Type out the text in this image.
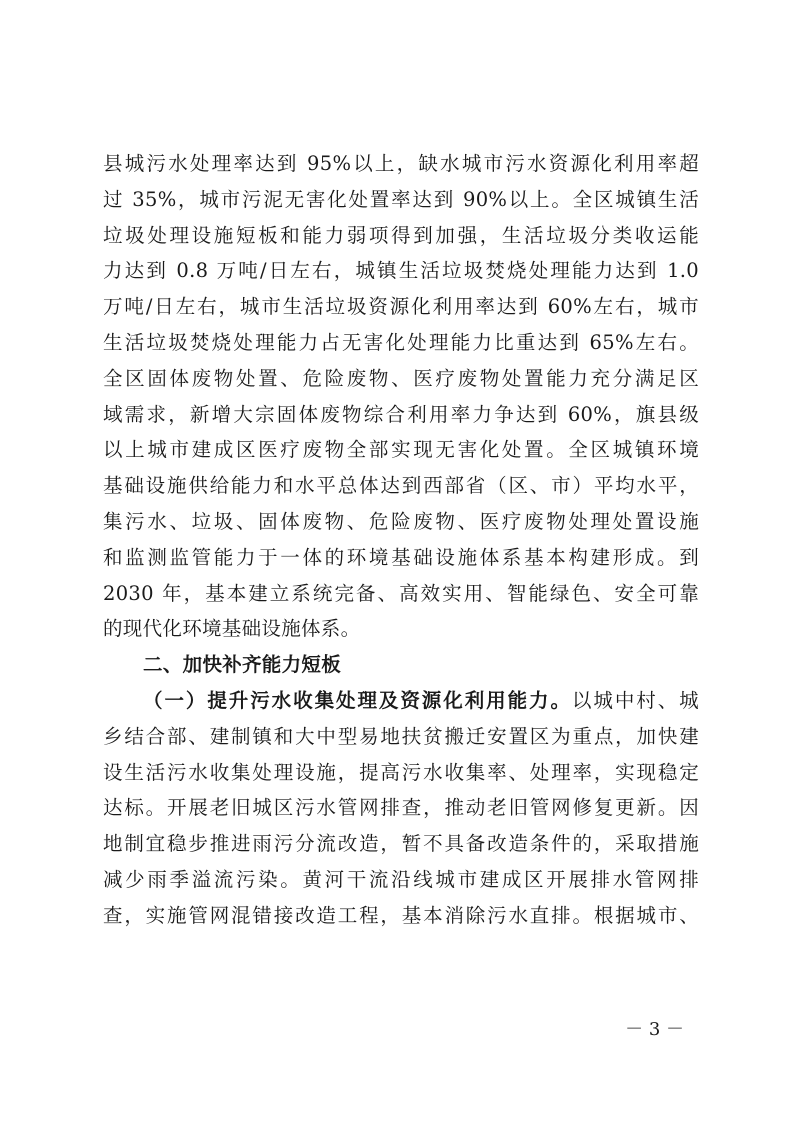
县城污水处理率达到 95%以上，缺水城市污水资源化利用率超
过 35%，城市污泥无害化处置率达到 90%以上。全区城镇生活
垃圾处理设施短板和能力弱项得到加强，生活垃圾分类收运能
力达到 0.8 万吨/日左右，城镇生活垃圾焚烧处理能力达到 1.0
万吨/日左右，城市生活垃圾资源化利用率达到 60%左右，城市
生活垃圾焚烧处理能力占无害化处理能力比重达到 65%左右。
全区固体废物处置、危险废物、医疗废物处置能力充分满足区
域需求，新增大宗固体废物综合利用率力争达到 60%，旗县级
以上城市建成区医疗废物全部实现无害化处置。全区城镇环境
基础设施供给能力和水平总体达到西部省（区、市）平均水平，
集污水、垃圾、固体废物、危险废物、医疗废物处理处置设施
和监测监管能力于一体的环境基础设施体系基本构建形成。到
2030 年，基本建立系统完备、高效实用、智能绿色、安全可靠
的现代化环境基础设施体系。
二、加快补齐能力短板
（一）提升污水收集处理及资源化利用能力。以城中村、城
乡结合部、建制镇和大中型易地扶贫搬迁安置区为重点，加快建
设生活污水收集处理设施，提高污水收集率、处理率，实现稳定
达标。开展老旧城区污水管网排查，推动老旧管网修复更新。因
地制宜稳步推进雨污分流改造，暂不具备改造条件的，采取措施
减少雨季溢流污染。黄河干流沿线城市建成区开展排水管网排
查，实施管网混错接改造工程，基本消除污水直排。根据城市、
－ 3 －
